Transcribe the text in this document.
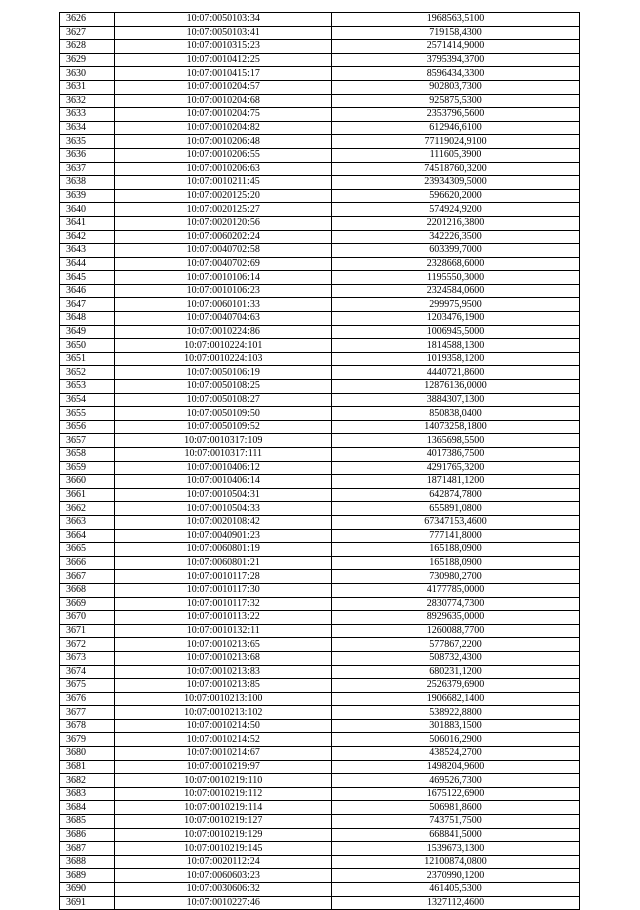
3626	10:07:0050103:34	1968563,5100
3627	10:07:0050103:41	719158,4300
3628	10:07:0010315:23	2571414,9000
3629	10:07:0010412:25	3795394,3700
3630	10:07:0010415:17	8596434,3300
3631	10:07:0010204:57	902803,7300
3632	10:07:0010204:68	925875,5300
3633	10:07:0010204:75	2353796,5600
3634	10:07:0010204:82	612946,6100
3635	10:07:0010206:48	77119024,9100
3636	10:07:0010206:55	111605,3900
3637	10:07:0010206:63	74518760,3200
3638	10:07:0010211:45	23934309,5000
3639	10:07:0020125:20	596620,2000
3640	10:07:0020125:27	574924,9200
3641	10:07:0020120:56	2201216,3800
3642	10:07:0060202:24	342226,3500
3643	10:07:0040702:58	603399,7000
3644	10:07:0040702:69	2328668,6000
3645	10:07:0010106:14	1195550,3000
3646	10:07:0010106:23	2324584,0600
3647	10:07:0060101:33	299975,9500
3648	10:07:0040704:63	1203476,1900
3649	10:07:0010224:86	1006945,5000
3650	10:07:0010224:101	1814588,1300
3651	10:07:0010224:103	1019358,1200
3652	10:07:0050106:19	4440721,8600
3653	10:07:0050108:25	12876136,0000
3654	10:07:0050108:27	3884307,1300
3655	10:07:0050109:50	850838,0400
3656	10:07:0050109:52	14073258,1800
3657	10:07:0010317:109	1365698,5500
3658	10:07:0010317:111	4017386,7500
3659	10:07:0010406:12	4291765,3200
3660	10:07:0010406:14	1871481,1200
3661	10:07:0010504:31	642874,7800
3662	10:07:0010504:33	655891,0800
3663	10:07:0020108:42	67347153,4600
3664	10:07:0040901:23	777141,8000
3665	10:07:0060801:19	165188,0900
3666	10:07:0060801:21	165188,0900
3667	10:07:0010117:28	730980,2700
3668	10:07:0010117:30	4177785,0000
3669	10:07:0010117:32	2830774,7300
3670	10:07:0010113:22	8929635,0000
3671	10:07:0010132:11	1260088,7700
3672	10:07:0010213:65	577867,2200
3673	10:07:0010213:68	508732,4300
3674	10:07:0010213:83	680231,1200
3675	10:07:0010213:85	2526379,6900
3676	10:07:0010213:100	1906682,1400
3677	10:07:0010213:102	538922,8800
3678	10:07:0010214:50	301883,1500
3679	10:07:0010214:52	506016,2900
3680	10:07:0010214:67	438524,2700
3681	10:07:0010219:97	1498204,9600
3682	10:07:0010219:110	469526,7300
3683	10:07:0010219:112	1675122,6900
3684	10:07:0010219:114	506981,8600
3685	10:07:0010219:127	743751,7500
3686	10:07:0010219:129	668841,5000
3687	10:07:0010219:145	1539673,1300
3688	10:07:0020112:24	12100874,0800
3689	10:07:0060603:23	2370990,1200
3690	10:07:0030606:32	461405,5300
3691	10:07:0010227:46	1327112,4600
